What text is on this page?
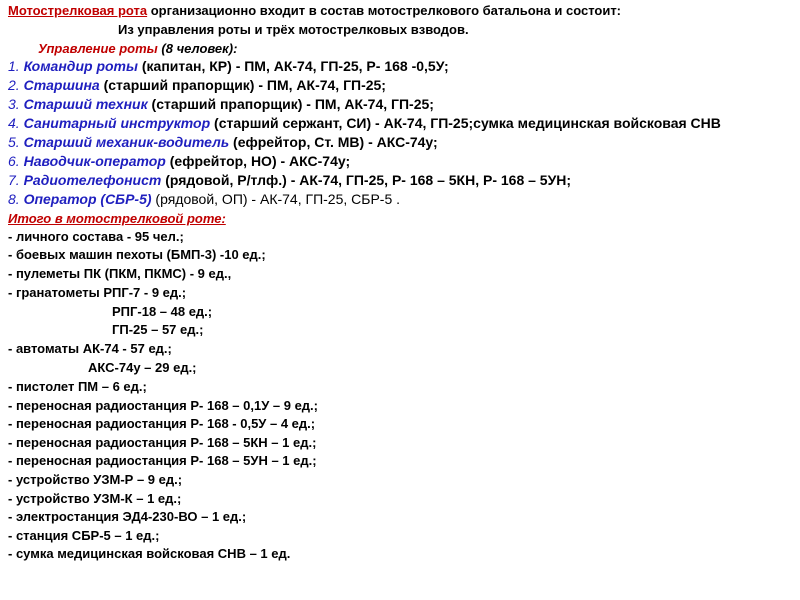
Мотострелковая рота организационно входит в состав мотострелкового батальона и состоит:
Из управления роты и трёх мотострелковых взводов.
Управление роты (8 человек):
1. Командир роты (капитан, КР) - ПМ, АК-74, ГП-25, Р- 168 -0,5У;
2. Старшина (старший прапорщик) - ПМ, АК-74, ГП-25;
3. Старший техник (старший прапорщик) - ПМ, АК-74, ГП-25;
4. Санитарный инструктор (старший сержант, СИ) - АК-74, ГП-25;сумка медицинская войсковая СНВ
5. Старший механик-водитель (ефрейтор, Ст. МВ) - АКС-74у;
6. Наводчик-оператор (ефрейтор, НО) - АКС-74у;
7. Радиотелефонист (рядовой, Р/тлф.) - АК-74, ГП-25, Р- 168 – 5КН, Р- 168 – 5УН;
8. Оператор (СБР-5) (рядовой, ОП) - АК-74, ГП-25, СБР-5 .
Итого в мотострелковой роте:
- личного состава - 95 чел.;
- боевых машин пехоты (БМП-3) -10 ед.;
- пулеметы ПК (ПКМ, ПКМС) - 9 ед.,
- гранатометы РПГ-7 - 9 ед.;
РПГ-18 – 48 ед.;
ГП-25 – 57 ед.;
- автоматы АК-74 - 57 ед.;
АКС-74у – 29 ед.;
- пистолет ПМ – 6 ед.;
- переносная радиостанция Р- 168 – 0,1У – 9 ед.;
- переносная радиостанция Р- 168 - 0,5У – 4 ед.;
- переносная радиостанция Р- 168 – 5КН – 1 ед.;
- переносная радиостанция Р- 168 – 5УН – 1 ед.;
- устройство УЗМ-Р – 9 ед.;
- устройство УЗМ-К – 1 ед.;
- электростанция ЭД4-230-ВО – 1 ед.;
- станция СБР-5 – 1 ед.;
- сумка медицинская войсковая СНВ – 1 ед.
